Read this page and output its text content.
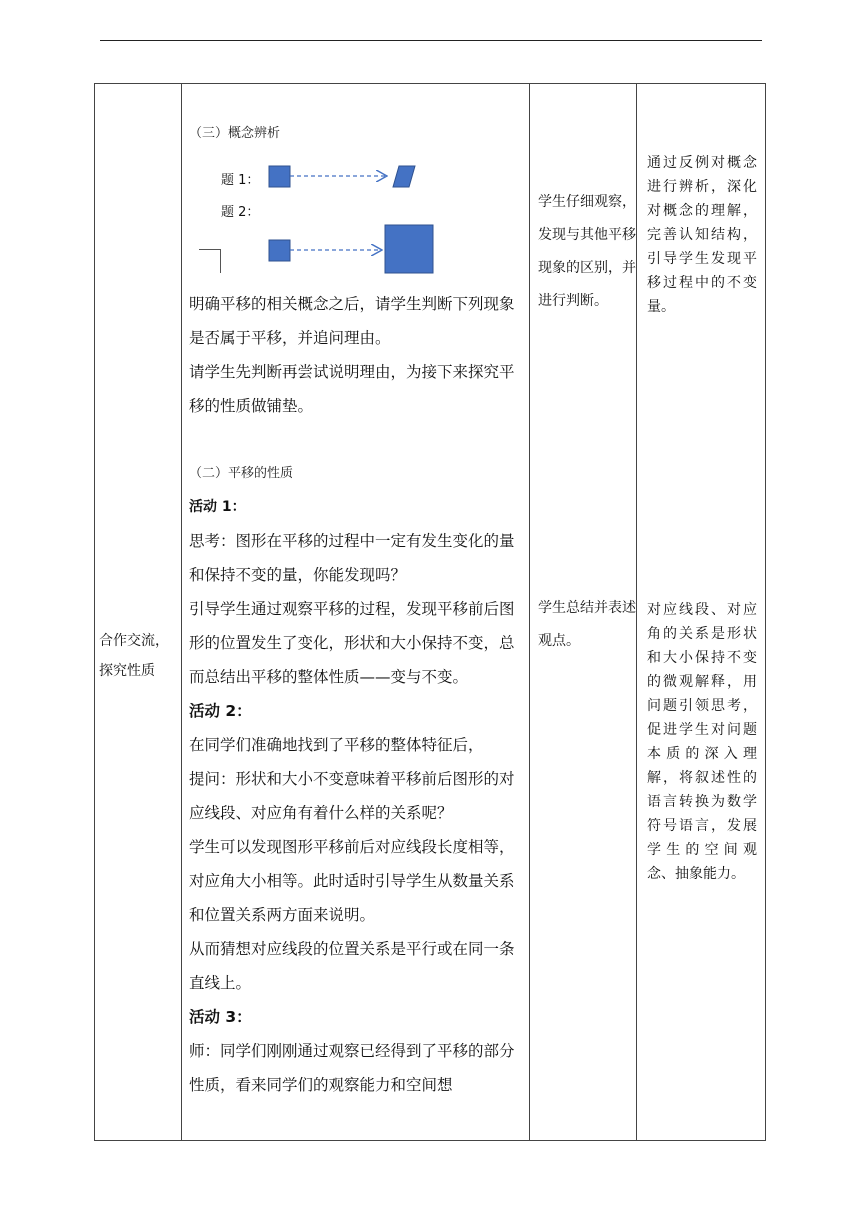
合作交流，探究性质
（三）概念辨析
题 1：
题 2：

明确平移的相关概念之后，请学生判断下列现象是否属于平移，并追问理由。

请学生先判断再尝试说明理由，为接下来探究平移的性质做铺垫。

（二）平移的性质

活动 1：

思考：图形在平移的过程中一定有发生变化的量和保持不变的量，你能发现吗？

引导学生通过观察平移的过程，发现平移前后图形的位置发生了变化，形状和大小保持不变，总而总结出平移的整体性质——变与不变。

活动 2：

在同学们准确地找到了平移的整体特征后，

提问：形状和大小不变意味着平移前后图形的对应线段、对应角有着什么样的关系呢？

学生可以发现图形平移前后对应线段长度相等，对应角大小相等。此时适时引导学生从数量关系和位置关系两方面来说明。

从而猜想对应线段的位置关系是平行或在同一条直线上。

活动 3：

师：同学们刚刚通过观察已经得到了平移的部分性质，看来同学们的观察能力和空间想

学生仔细观察，发现与其他平移现象的区别，并进行判断。
学生总结并表述观点。
通过反例对概念进行辨析，深化对概念的理解，完善认知结构，引导学生发现平移过程中的不变量。
对应线段、对应角的关系是形状和大小保持不变的微观解释，用问题引领思考，促进学生对问题本质的深入理解，将叙述性的语言转换为数学符号语言，发展学生的空间观念、抽象能力。
